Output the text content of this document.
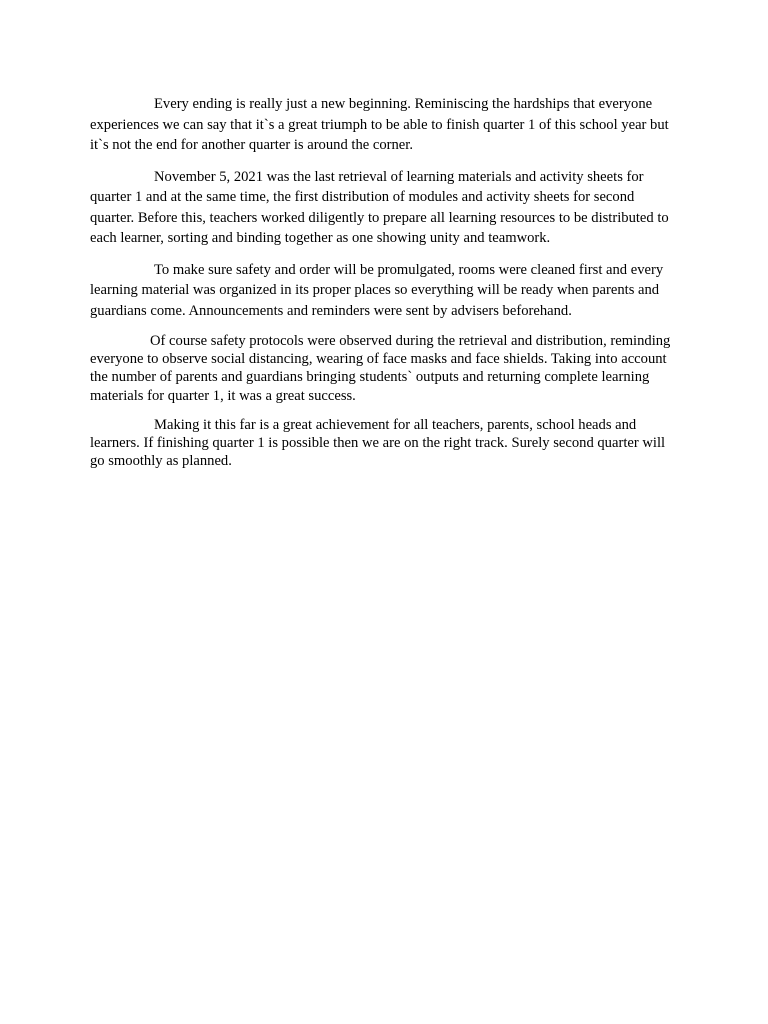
Every ending is really just a new beginning. Reminiscing the hardships that everyone experiences we can say that it`s a great triumph to be able to finish quarter 1 of this school year but it`s not the end for another quarter is around the corner.

November 5, 2021 was the last retrieval of learning materials and activity sheets for quarter 1 and at the same time, the first distribution of modules and activity sheets for second quarter. Before this, teachers worked diligently to prepare all learning resources to be distributed to each learner, sorting and binding together as one showing unity and teamwork.

To make sure safety and order will be promulgated, rooms were cleaned first and every learning material was organized in its proper places so everything will be ready when parents and guardians come. Announcements and reminders were sent by advisers beforehand.

Of course safety protocols were observed during the retrieval and distribution, reminding everyone to observe social distancing, wearing of face masks and face shields. Taking into account the number of parents and guardians bringing students` outputs and returning complete learning materials for quarter 1, it was a great success.

Making it this far is a great achievement for all teachers, parents, school heads and learners. If finishing quarter 1 is possible then we are on the right track. Surely second quarter will go smoothly as planned.
